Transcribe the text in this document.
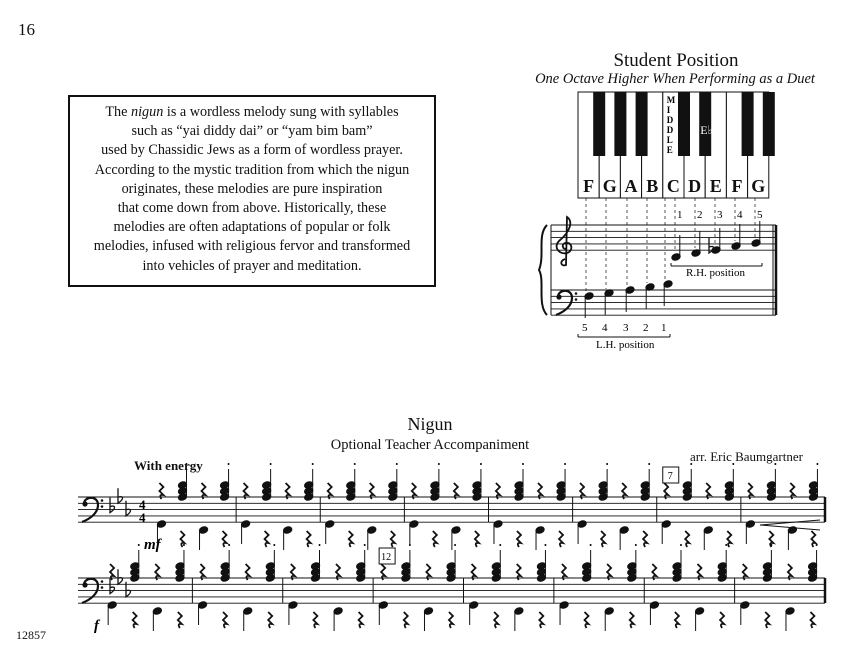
16
The nigun is a wordless melody sung with syllables
such as “yai diddy dai” or “yam bim bam”
used by Chassidic Jews as a form of wordless prayer.
According to the mystic tradition from which the nigun
originates, these melodies are pure inspiration
that come down from above. Historically, these
melodies are often adaptations of popular or folk
melodies, infused with religious fervor and transformed
into vehicles of prayer and meditation.
Student Position
One Octave Higher When Performing as a Duet
F G A B C D E F G
M
I
D
D
L
E
E♭
5 4 3 2 1
1 2 3 4 5
R.H. position
L.H. position
4
4
mf
7
f
12
Nigun
Optional Teacher Accompaniment
arr. Eric Baumgartner
With energy
12857
